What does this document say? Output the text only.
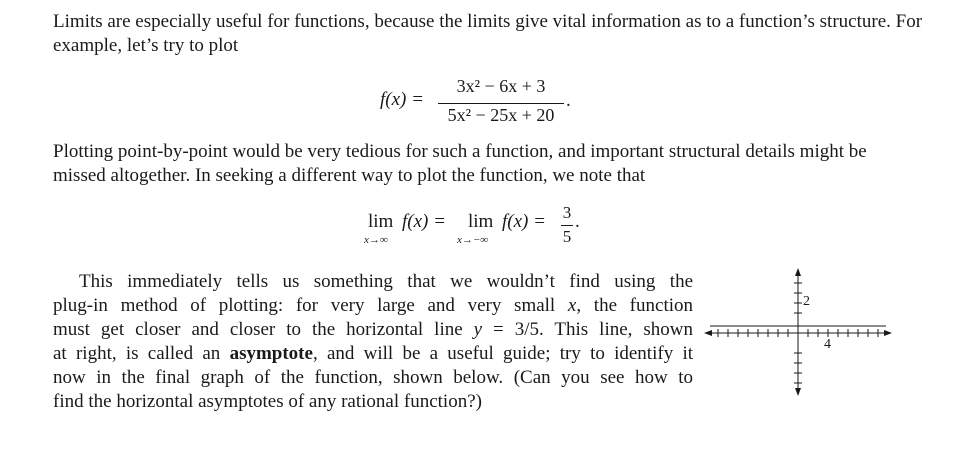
Limits are especially useful for functions, because the limits give vital information as to a function’s structure. For example, let’s try to plot

f(x) =
3x² − 6x + 3
5x² − 25x + 20
.

Plotting point-by-point would be very tedious for such a function, and important structural details might be missed altogether. In seeking a different way to plot the function, we note that

lim
x→∞
f(x) = lim
x→−∞
f(x) = 3
5
.
This immediately tells us something that we wouldn’t find using the
plug-in method of plotting: for very large and very small x, the function
must get closer and closer to the horizontal line y = 3/5. This line, shown
at right, is called an asymptote, and will be a useful guide; try to identify it
now in the final graph of the function, shown below. (Can you see how to
find the horizontal asymptotes of any rational function?)
2
4
